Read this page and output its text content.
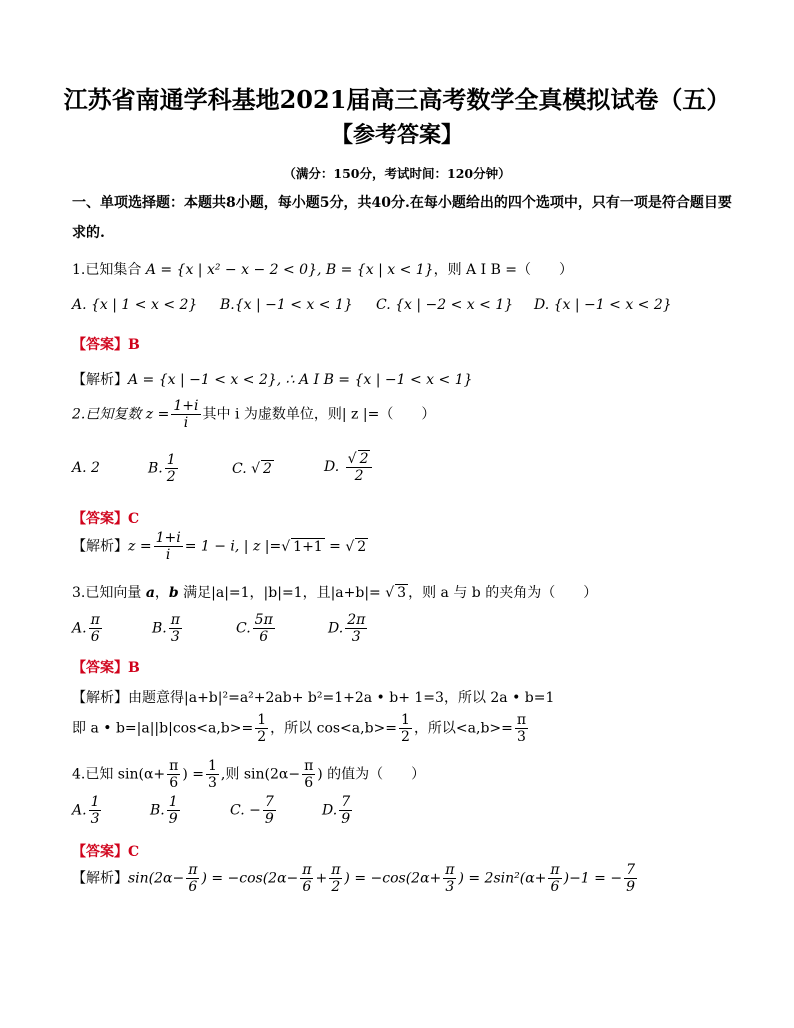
江苏省南通学科基地2021届高三高考数学全真模拟试卷（五）
【参考答案】
（满分：150分，考试时间：120分钟）
一、单项选择题：本题共8小题，每小题5分，共40分.在每小题给出的四个选项中，只有一项是符合题目要
求的.
1.已知集合 A = {x | x² − x − 2 < 0}, B = {x | x < 1}，则 A I B =（　　）
A. {x | 1 < x < 2} B.{x | −1 < x < 1} C. {x | −2 < x < 1} D. {x | −1 < x < 2}
【答案】B
【解析】A = {x | −1 < x < 2}, ∴ A I B = {x | −1 < x < 1}
2.已知复数 $z = \frac{1+i}{i}$ 其中 i 为虚数单位，则| z |=（　　）
A. 2	B. $\frac{1}{2}$	C. √ 2	D. $\frac{√ 2}{2}$
【答案】C
【解析】$z = \frac{1+i}{i} = 1 - i$, | z |=√ 1+1 = √ 2
3.已知向量 a，b 满足|a|=1，|b|=1，且|a+b|= √ 3 ，则 a 与 b 的夹角为（　　）
A. $\frac{\pi}{6}$	B. $\frac{\pi}{3}$	C. $\frac{5\pi}{6}$	D. $\frac{2\pi}{3}$
【答案】B
【解析】由题意得|a+b|²=a²+2ab+ b²=1+2a • b+ 1=3，所以 2a • b=1
即 a • $b=|a||b|\cos<a,b>= \frac{1}{2}$ ，所以 $\cos<a,b>= \frac{1}{2}$ ，所以$<a,b>= \frac{\pi}{3}$
4.已知 $\sin(\alpha+ \frac{\pi}{6}$ ) = $\frac{1}{3}$ ,则 $\sin(2\alpha- \frac{\pi}{6}$ ) 的值为（　　）
A. $\frac{1}{3}$	B. $\frac{1}{9}$	C. − $\frac{7}{9}$	D. $\frac{7}{9}$
【答案】C
【解析】$\sin(2\alpha- \frac{\pi}{6}$ ) = $-\cos(2\alpha- \frac{\pi}{6} + \frac{\pi}{2}$ ) = $-\cos(2\alpha+ \frac{\pi}{3}$ ) = $2\sin^2(\alpha+ \frac{\pi}{6} )-1$ = − $\frac{7}{9}$
